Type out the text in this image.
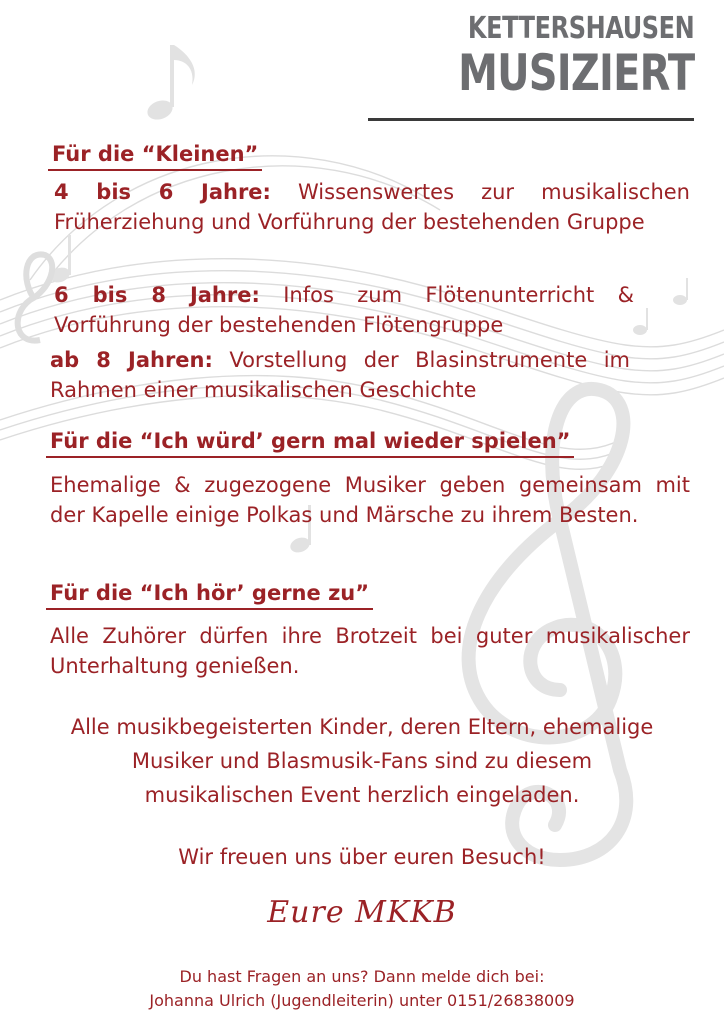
KETTERSHAUSEN
MUSIZIERT
Für die “Kleinen”
4 bis 6 Jahre: Wissenswertes zur musikalischen Früherziehung und Vorführung der bestehenden Gruppe
6 bis 8 Jahre: Infos zum Flötenunterricht & Vorführung der bestehenden Flötengruppe
ab 8 Jahren: Vorstellung der Blasinstrumente im Rahmen einer musikalischen Geschichte
Für die “Ich würd’ gern mal wieder spielen”
Ehemalige & zugezogene Musiker geben gemeinsam mit der Kapelle einige Polkas und Märsche zu ihrem Besten.
Für die “Ich hör’ gerne zu”
Alle Zuhörer dürfen ihre Brotzeit bei guter musikalischer Unterhaltung genießen.
Alle musikbegeisterten Kinder, deren Eltern, ehemalige Musiker und Blasmusik-Fans sind zu diesem musikalischen Event herzlich eingeladen.
Wir freuen uns über euren Besuch!
Eure MKKB
Du hast Fragen an uns? Dann melde dich bei:
Johanna Ulrich (Jugendleiterin) unter 0151/26838009
